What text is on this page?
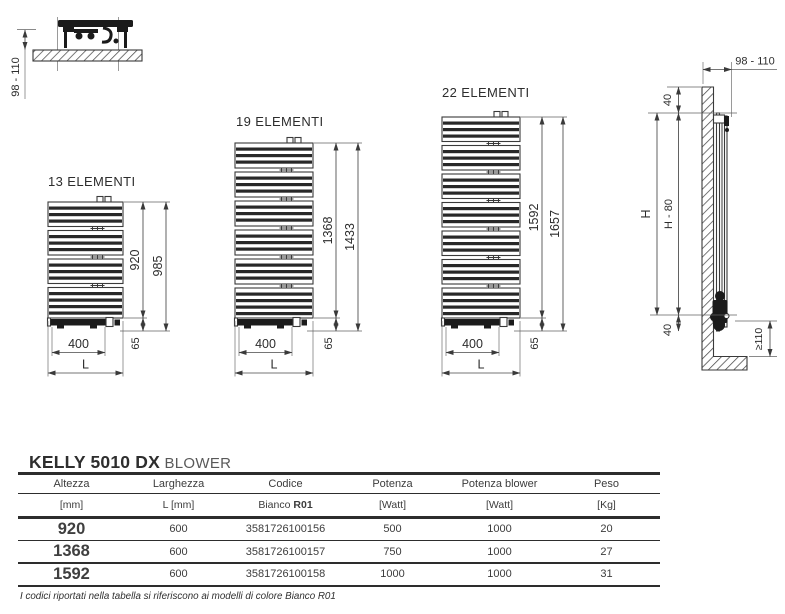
98 - 110
13 ELEMENTI
920
65
985
400
L
19 ELEMENTI
1368
65
1433
400
L
22 ELEMENTI
1592
65
1657
400
L
98 - 110
40
H H - 80
40	≥110
KELLY 5010 DX BLOWER
Altezza	Larghezza	Codice	Potenza	Potenza blower	Peso
[mm]	L [mm]	Bianco R01	[Watt]	[Watt]	[Kg]
920	600	3581726100156	500	1000	20
1368	600	3581726100157	750	1000	27
1592	600	3581726100158	1000	1000	31
I codici riportati nella tabella si riferiscono ai modelli di colore Bianco R01
